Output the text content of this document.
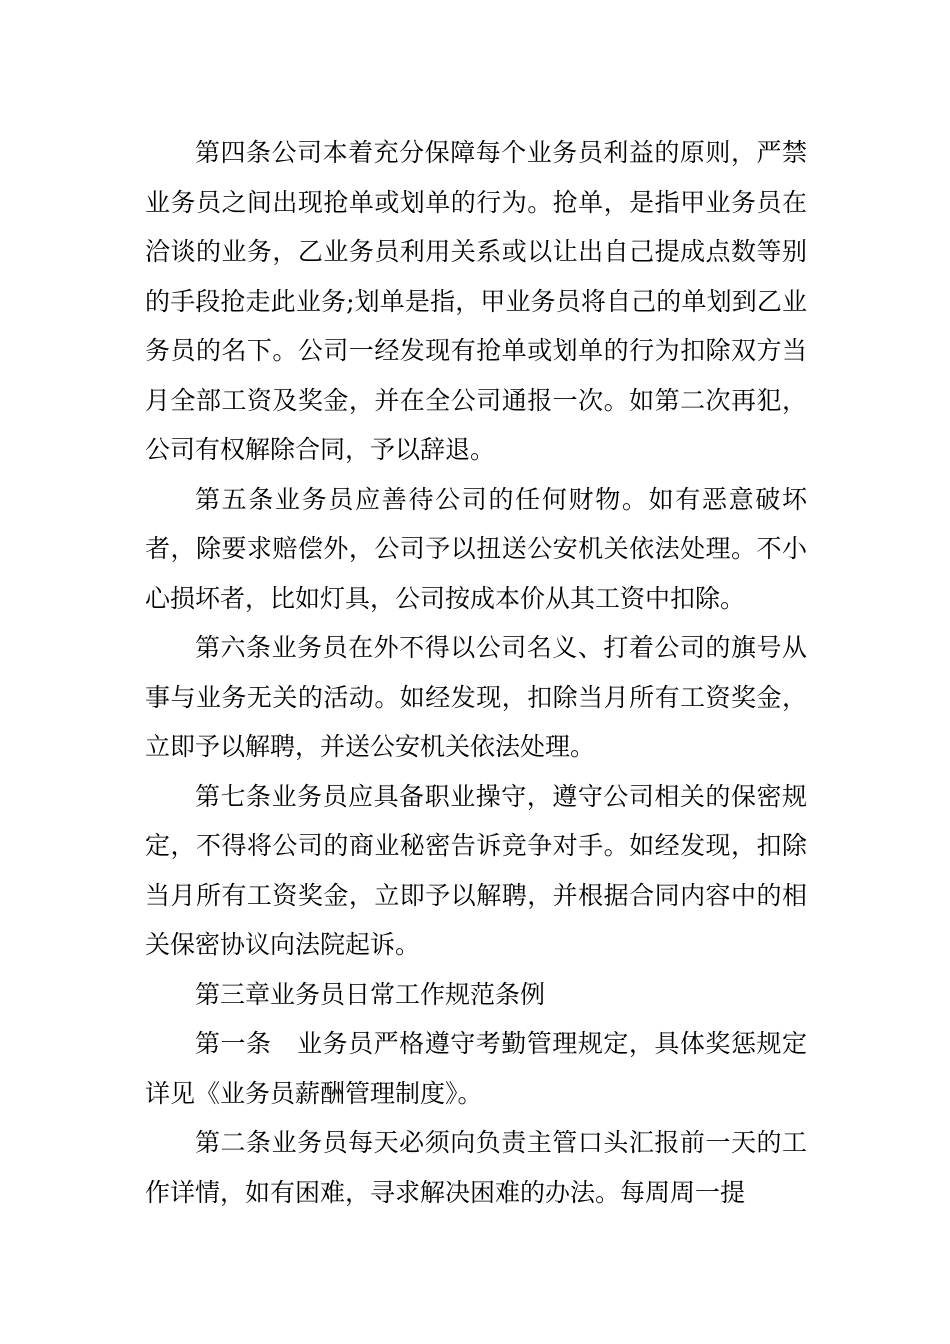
第四条公司本着充分保障每个业务员利益的原则，严禁业务员之间出现抢单或划单的行为。抢单，是指甲业务员在洽谈的业务，乙业务员利用关系或以让出自己提成点数等别的手段抢走此业务;划单是指，甲业务员将自己的单划到乙业务员的名下。公司一经发现有抢单或划单的行为扣除双方当月全部工资及奖金，并在全公司通报一次。如第二次再犯，公司有权解除合同，予以辞退。

第五条业务员应善待公司的任何财物。如有恶意破坏者，除要求赔偿外，公司予以扭送公安机关依法处理。不小心损坏者，比如灯具，公司按成本价从其工资中扣除。

第六条业务员在外不得以公司名义、打着公司的旗号从事与业务无关的活动。如经发现，扣除当月所有工资奖金，立即予以解聘，并送公安机关依法处理。

第七条业务员应具备职业操守，遵守公司相关的保密规定，不得将公司的商业秘密告诉竞争对手。如经发现，扣除当月所有工资奖金，立即予以解聘，并根据合同内容中的相关保密协议向法院起诉。

第三章业务员日常工作规范条例

第一条　业务员严格遵守考勤管理规定，具体奖惩规定详见《业务员薪酬管理制度》。

第二条业务员每天必须向负责主管口头汇报前一天的工作详情，如有困难，寻求解决困难的办法。每周周一提
